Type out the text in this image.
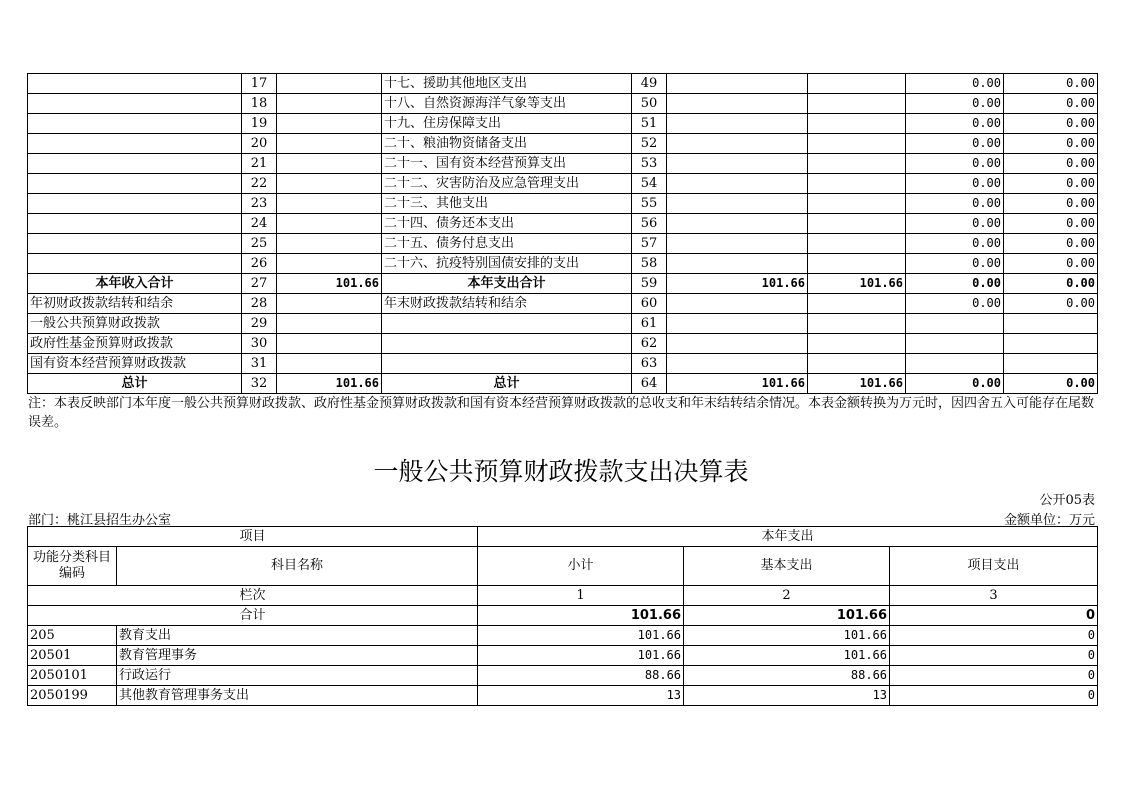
	17		十七、援助其他地区支出	49			0.00	0.00
	18		十八、自然资源海洋气象等支出	50			0.00	0.00
	19		十九、住房保障支出	51			0.00	0.00
	20		二十、粮油物资储备支出	52			0.00	0.00
	21		二十一、国有资本经营预算支出	53			0.00	0.00
	22		二十二、灾害防治及应急管理支出	54			0.00	0.00
	23		二十三、其他支出	55			0.00	0.00
	24		二十四、债务还本支出	56			0.00	0.00
	25		二十五、债务付息支出	57			0.00	0.00
	26		二十六、抗疫特别国债安排的支出	58			0.00	0.00
本年收入合计	27	101.66	本年支出合计	59	101.66	101.66	0.00	0.00
年初财政拨款结转和结余	28		年末财政拨款结转和结余	60			0.00	0.00
一般公共预算财政拨款	29			61				
政府性基金预算财政拨款	30			62				
国有资本经营预算财政拨款	31			63				
总计	32	101.66	总计	64	101.66	101.66	0.00	0.00
注：本表反映部门本年度一般公共预算财政拨款、政府性基金预算财政拨款和国有资本经营预算财政拨款的总收支和年末结转结余情况。本表金额转换为万元时，因四舍五入可能存在尾数误差。
一般公共预算财政拨款支出决算表
公开05表
部门：桃江县招生办公室	金额单位：万元
项目		本年支出		
功能分类科目编码	科目名称	小计	基本支出	项目支出
栏次		1	2	3
合计		101.66	101.66	0
205	教育支出	101.66	101.66	0
20501	教育管理事务	101.66	101.66	0
2050101	行政运行	88.66	88.66	0
2050199	其他教育管理事务支出	13	13	0
